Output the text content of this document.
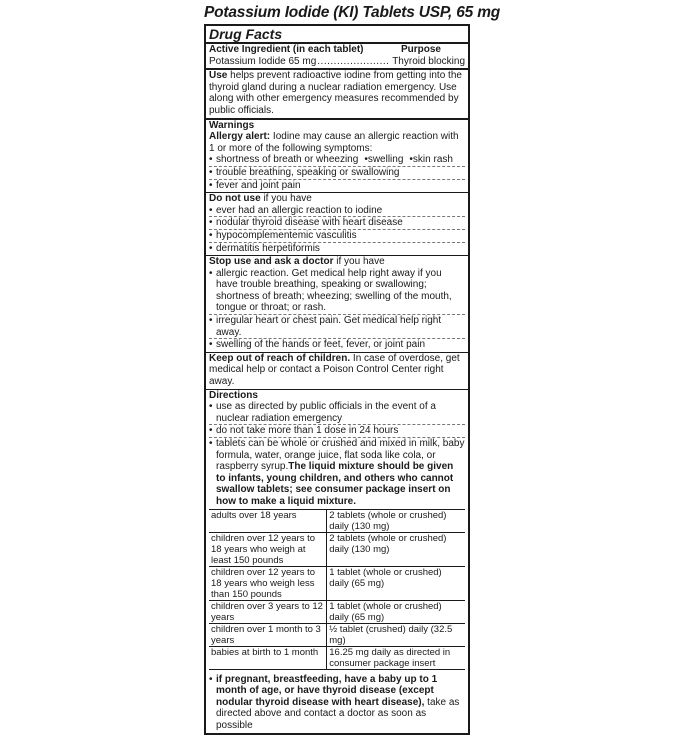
Potassium Iodide (KI) Tablets USP, 65 mg
Drug Facts
Active Ingredient (in each tablet)	Purpose
Potassium Iodide 65 mg ...................... Thyroid blocking
Use helps prevent radioactive iodine from getting into the thyroid gland during a nuclear radiation emergency. Use along with other emergency measures recommended by public officials.
Warnings
Allergy alert: Iodine may cause an allergic reaction with 1 or more of the following symptoms:
• shortness of breath or wheezing • swelling • skin rash
• trouble breathing, speaking or swallowing
• fever and joint pain
Do not use if you have
• ever had an allergic reaction to iodine
• nodular thyroid disease with heart disease
• hypocomplementemic vasculitis
• dermatitis herpetiformis
Stop use and ask a doctor if you have
• allergic reaction. Get medical help right away if you have trouble breathing, speaking or swallowing; shortness of breath; wheezing; swelling of the mouth, tongue or throat; or rash.
• irregular heart or chest pain. Get medical help right away.
• swelling of the hands or feet, fever, or joint pain
Keep out of reach of children. In case of overdose, get medical help or contact a Poison Control Center right away.
Directions
• use as directed by public officials in the event of a nuclear radiation emergency
• do not take more than 1 dose in 24 hours
• tablets can be whole or crushed and mixed in milk, baby formula, water, orange juice, flat soda like cola, or raspberry syrup.The liquid mixture should be given to infants, young children, and others who cannot swallow tablets; see consumer package insert on how to make a liquid mixture.
adults over 18 years	2 tablets (whole or crushed) daily (130 mg)
children over 12 years to 18 years who weigh at least 150 pounds	2 tablets (whole or crushed) daily (130 mg)
children over 12 years to 18 years who weigh less than 150 pounds	1 tablet (whole or crushed) daily (65 mg)
children over 3 years to 12 years	1 tablet (whole or crushed) daily (65 mg)
children over 1 month to 3 years	½ tablet (crushed) daily (32.5 mg)
babies at birth to 1 month	16.25 mg daily as directed in consumer package insert
• if pregnant, breastfeeding, have a baby up to 1 month of age, or have thyroid disease (except nodular thyroid disease with heart disease), take as directed above and contact a doctor as soon as possible
